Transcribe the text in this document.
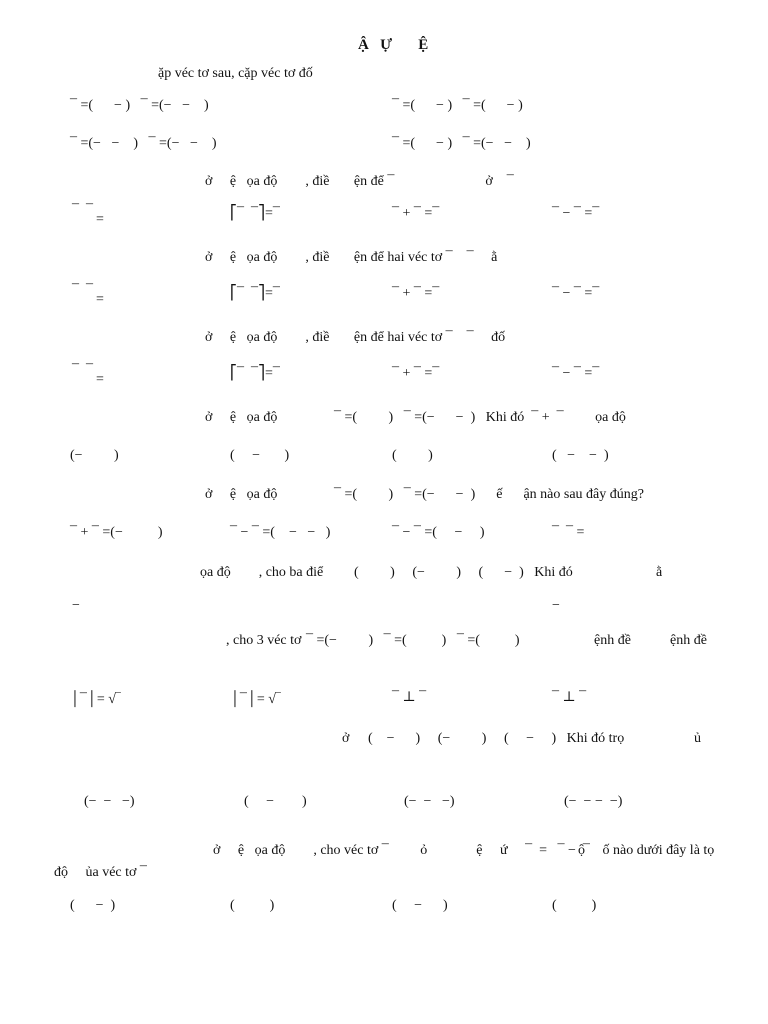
Ậ   Ự       Ệ
ặp véc tơ sau, cặp véc tơ đố
¯ =(      − )   ¯ =(−   −    )	¯ =(      − )   ¯ =(      − )
¯ =(−   −    )   ¯ =(−   −    )	¯ =(      − )   ¯ =(−   −    )
ở     ệ   ọa độ        , điề       ện để ¯                          ở    ¯
¯  ¯
=	⎡¯  ¯⎤=¯	¯ + ¯ =¯	¯ − ¯ =¯
ở     ệ   ọa độ        , điề       ện để hai véc tơ ¯    ¯     ằ
¯  ¯
=	⎡¯  ¯⎤=¯	¯ + ¯ =¯	¯ − ¯ =¯
ở     ệ   ọa độ        , điề       ện để hai véc tơ ¯    ¯     đố
¯  ¯
=	⎡¯  ¯⎤=¯	¯ + ¯ =¯	¯ − ¯ =¯
ở     ệ   ọa độ	¯ =(         )   ¯ =(−      −  )   Khi đó  ¯ +  ¯         ọa độ
(−         )	(     −       )	(         )	(   −    −  )
ở     ệ   ọa độ	¯ =(         )   ¯ =(−      −  )      ế      ận nào sau đây đúng?
¯ + ¯ =(−          )	¯ − ¯ =(    −   −   )	¯ − ¯ =(     −     )	¯  ¯ =
ọa độ        , cho ba điể (         )     (−         )     (      −  )   Khi đó	ằ
−	−
, cho 3 véc tơ ¯ =(−         )   ¯ =(          )   ¯ =(          )	ệnh đề	ệnh đề
│¯│= √‾	│¯│= √‾	¯ ⊥ ¯	¯ ⊥ ¯
ở (    −      )     (−         )     (     −     )   Khi đó trọ	ủ
(−  −   −)	(     −        )	(−  −   −)	(−  − −  −)
ở     ệ   ọa độ        , cho véc tơ ¯         ỏ              ệ     ứ     ¯  =   ¯ −  ¯
ộ     ố nào dưới đây là tọ
độ     ủa véc tơ ¯
(      −  )	(          )	(     −      )	(          )
